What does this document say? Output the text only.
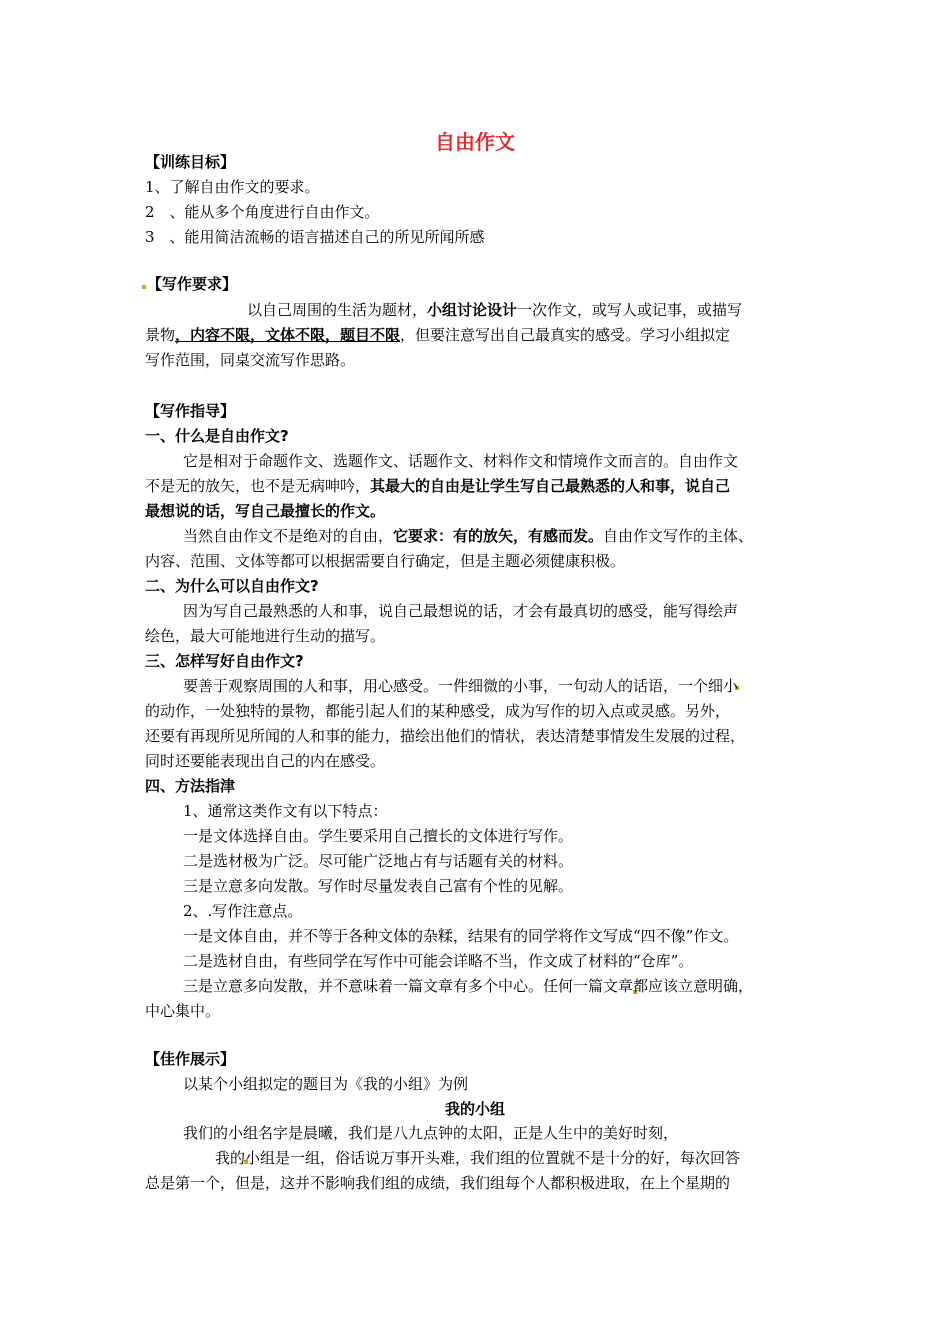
自由作文

【训练目标】

1、了解自由作文的要求。

2　、能从多个角度进行自由作文。

3　、能用简洁流畅的语言描述自己的所见所闻所感

【写作要求】

以自己周围的生活为题材，小组讨论设计一次作文，或写人或记事，或描写

景物，内容不限，文体不限，题目不限，但要注意写出自己最真实的感受。学习小组拟定

写作范围，同桌交流写作思路。

【写作指导】

一、什么是自由作文?

它是相对于命题作文、选题作文、话题作文、材料作文和情境作文而言的。自由作文

不是无的放矢，也不是无病呻吟，其最大的自由是让学生写自己最熟悉的人和事，说自己

最想说的话，写自己最擅长的作文。

当然自由作文不是绝对的自由，它要求：有的放矢，有感而发。自由作文写作的主体、

内容、范围、文体等都可以根据需要自行确定，但是主题必须健康积极。

二、为什么可以自由作文?

因为写自己最熟悉的人和事，说自己最想说的话，才会有最真切的感受，能写得绘声

绘色，最大可能地进行生动的描写。

三、怎样写好自由作文?

要善于观察周围的人和事，用心感受。一件细微的小事，一句动人的话语，一个细小

的动作，一处独特的景物，都能引起人们的某种感受，成为写作的切入点或灵感。另外，

还要有再现所见所闻的人和事的能力，描绘出他们的情状，表达清楚事情发生发展的过程，

同时还要能表现出自己的内在感受。

四、方法指津

1、通常这类作文有以下特点：

一是文体选择自由。学生要采用自己擅长的文体进行写作。

二是选材极为广泛。尽可能广泛地占有与话题有关的材料。

三是立意多向发散。写作时尽量发表自己富有个性的见解。

2、.写作注意点。

一是文体自由，并不等于各种文体的杂糅，结果有的同学将作文写成“四不像”作文。

二是选材自由，有些同学在写作中可能会详略不当，作文成了材料的“仓库”。

三是立意多向发散，并不意味着一篇文章有多个中心。任何一篇文章都应该立意明确，

中心集中。

【佳作展示】

以某个小组拟定的题目为《我的小组》为例

我的小组

我们的小组名字是晨曦，我们是八九点钟的太阳，正是人生中的美好时刻，

我的小组是一组，俗话说万事开头难，我们组的位置就不是十分的好，每次回答

总是第一个，但是，这并不影响我们组的成绩，我们组每个人都积极进取，在上个星期的
